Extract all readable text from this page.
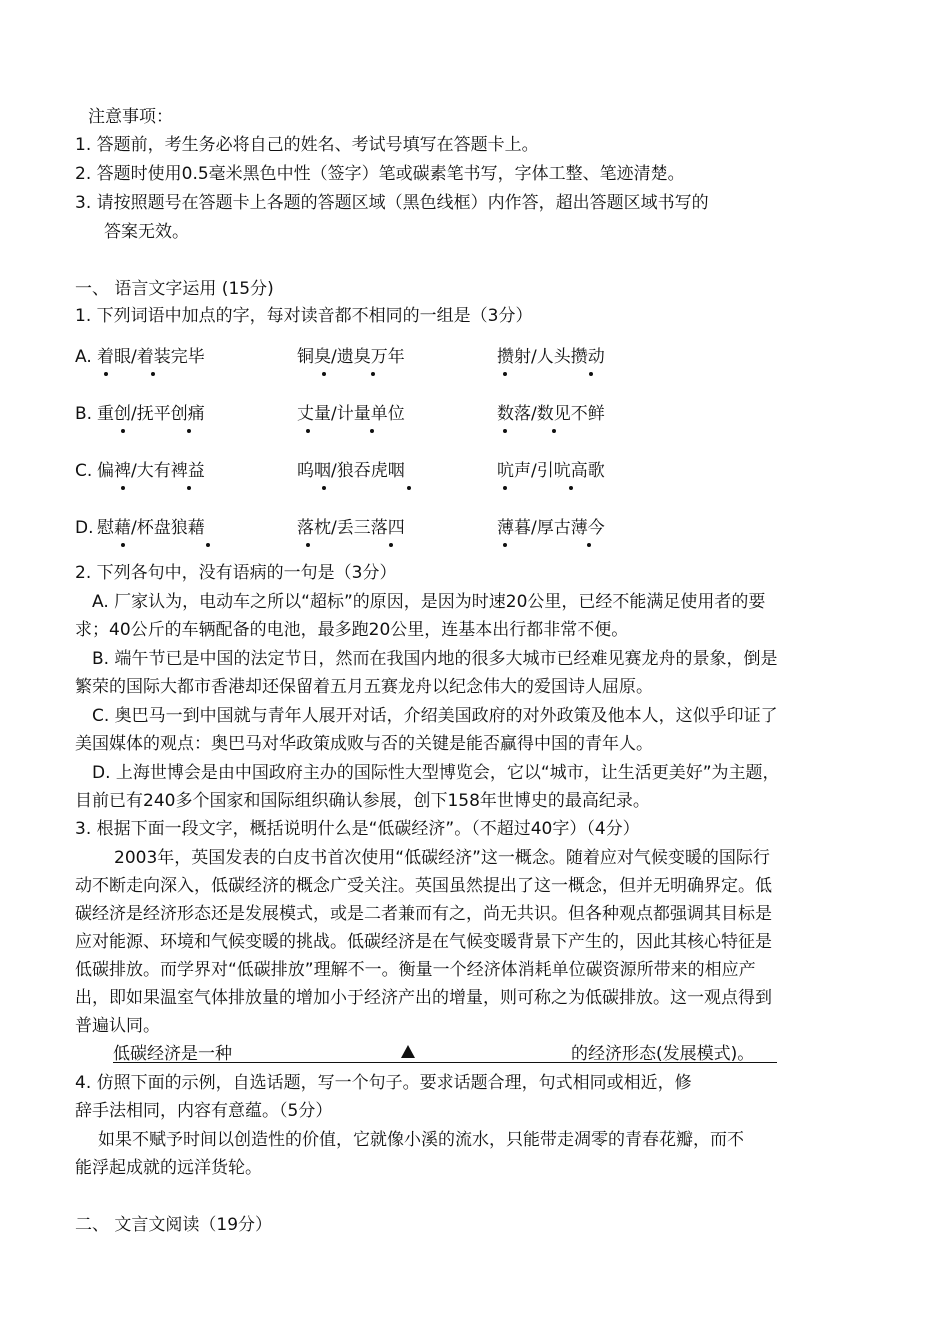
注意事项：
1. 答题前，考生务必将自己的姓名、考试号填写在答题卡上。
2. 答题时使用0.5毫米黑色中性（签字）笔或碳素笔书写，字体工整、笔迹清楚。
3. 请按照题号在答题卡上各题的答题区域（黑色线框）内作答，超出答题区域书写的
答案无效。
一、 语言文字运用 (15分)
1. 下列词语中加点的字，每对读音都不相同的一组是（3分）
A. 着眼/着装完毕	铜臭/遗臭万年	攒射/人头攒动
B. 重创/抚平创痛	丈量/计量单位	数落/数见不鲜
C. 偏裨/大有裨益	呜咽/狼吞虎咽	吭声/引吭高歌
D. 慰藉/杯盘狼藉	落枕/丢三落四	薄暮/厚古薄今
2. 下列各句中，没有语病的一句是（3分）
A. 厂家认为，电动车之所以“超标”的原因，是因为时速20公里，已经不能满足使用者的要
求；40公斤的车辆配备的电池，最多跑20公里，连基本出行都非常不便。
B. 端午节已是中国的法定节日，然而在我国内地的很多大城市已经难见赛龙舟的景象，倒是
繁荣的国际大都市香港却还保留着五月五赛龙舟以纪念伟大的爱国诗人屈原。
C. 奥巴马一到中国就与青年人展开对话，介绍美国政府的对外政策及他本人，这似乎印证了
美国媒体的观点：奥巴马对华政策成败与否的关键是能否赢得中国的青年人。
D. 上海世博会是由中国政府主办的国际性大型博览会，它以“城市，让生活更美好”为主题，
目前已有240多个国家和国际组织确认参展，创下158年世博史的最高纪录。
3. 根据下面一段文字，概括说明什么是“低碳经济”。（不超过40字）（4分）
2003年，英国发表的白皮书首次使用“低碳经济”这一概念。随着应对气候变暖的国际行
动不断走向深入，低碳经济的概念广受关注。英国虽然提出了这一概念，但并无明确界定。低
碳经济是经济形态还是发展模式，或是二者兼而有之，尚无共识。但各种观点都强调其目标是
应对能源、环境和气候变暖的挑战。低碳经济是在气候变暖背景下产生的，因此其核心特征是
低碳排放。而学界对“低碳排放”理解不一。衡量一个经济体消耗单位碳资源所带来的相应产
出，即如果温室气体排放量的增加小于经济产出的增量，则可称之为低碳排放。这一观点得到
普遍认同。
低碳经济是一种	的经济形态(发展模式)。
4. 仿照下面的示例，自选话题，写一个句子。要求话题合理，句式相同或相近，修
辞手法相同，内容有意蕴。（5分）
如果不赋予时间以创造性的价值，它就像小溪的流水，只能带走凋零的青春花瓣，而不
能浮起成就的远洋货轮。
二、 文言文阅读（19分）
